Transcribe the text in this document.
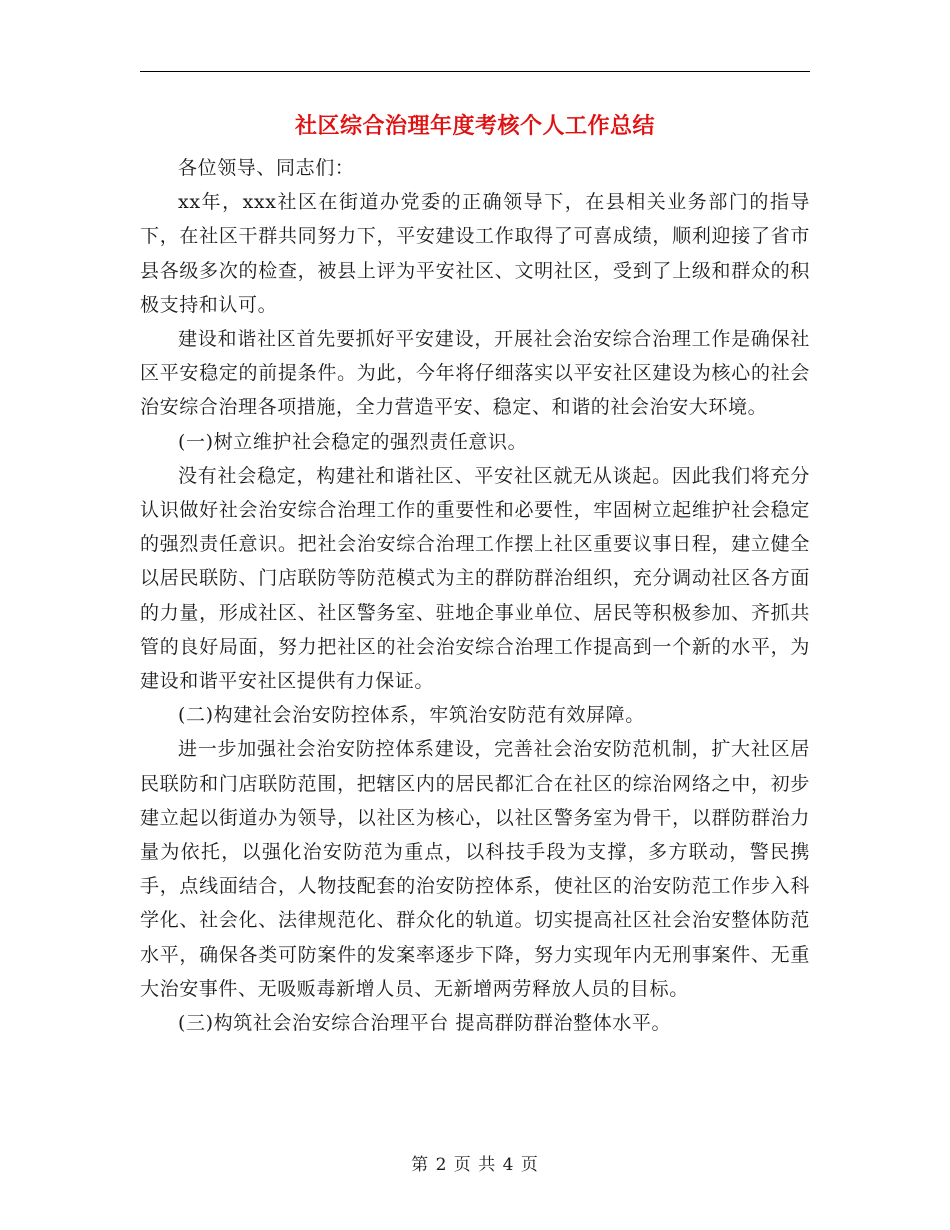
社区综合治理年度考核个人工作总结

各位领导、同志们：

xx年，xxx社区在街道办党委的正确领导下，在县相关业务部门的指导下，在社区干群共同努力下，平安建设工作取得了可喜成绩，顺利迎接了省市县各级多次的检查，被县上评为平安社区、文明社区，受到了上级和群众的积极支持和认可。

建设和谐社区首先要抓好平安建设，开展社会治安综合治理工作是确保社区平安稳定的前提条件。为此，今年将仔细落实以平安社区建设为核心的社会治安综合治理各项措施，全力营造平安、稳定、和谐的社会治安大环境。

(一)树立维护社会稳定的强烈责任意识。

没有社会稳定，构建社和谐社区、平安社区就无从谈起。因此我们将充分认识做好社会治安综合治理工作的重要性和必要性，牢固树立起维护社会稳定的强烈责任意识。把社会治安综合治理工作摆上社区重要议事日程，建立健全以居民联防、门店联防等防范模式为主的群防群治组织，充分调动社区各方面的力量，形成社区、社区警务室、驻地企事业单位、居民等积极参加、齐抓共管的良好局面，努力把社区的社会治安综合治理工作提高到一个新的水平，为建设和谐平安社区提供有力保证。

(二)构建社会治安防控体系，牢筑治安防范有效屏障。

进一步加强社会治安防控体系建设，完善社会治安防范机制，扩大社区居民联防和门店联防范围，把辖区内的居民都汇合在社区的综治网络之中，初步建立起以街道办为领导，以社区为核心，以社区警务室为骨干，以群防群治力量为依托，以强化治安防范为重点，以科技手段为支撑，多方联动，警民携手，点线面结合，人物技配套的治安防控体系，使社区的治安防范工作步入科学化、社会化、法律规范化、群众化的轨道。切实提高社区社会治安整体防范水平，确保各类可防案件的发案率逐步下降，努力实现年内无刑事案件、无重大治安事件、无吸贩毒新增人员、无新增两劳释放人员的目标。

(三)构筑社会治安综合治理平台 提高群防群治整体水平。

第 2 页 共 4 页
